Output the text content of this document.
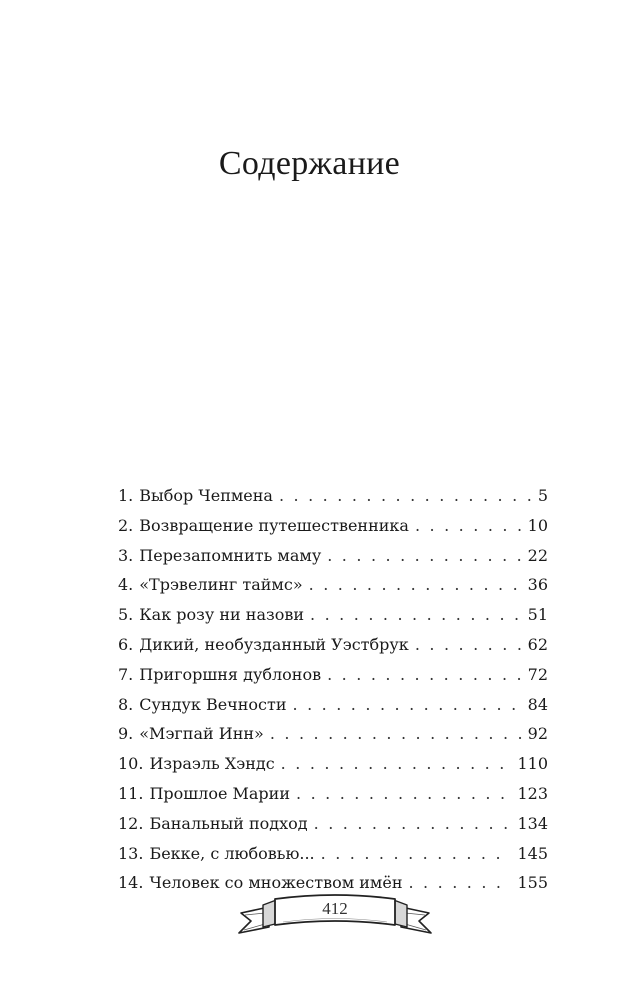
Содержание
1. Выбор Чепмена . . .	5
2. Возвращение путешественника . . .	10
3. Перезапомнить маму . . .	22
4. «Трэвелинг таймс» . . .	36
5. Как розу ни назови . . .	51
6. Дикий, необузданный Уэстбрук . . .	62
7. Пригоршня дублонов . . .	72
8. Сундук Вечности . . .	84
9. «Мэгпай Инн» . . .	92
10. Израэль Хэндс . . .	110
11. Прошлое Марии . . .	123
12. Банальный подход . . .	134
13. Бекке, с любовью... . . .	145
14. Человек со множеством имён . . .	155
412
